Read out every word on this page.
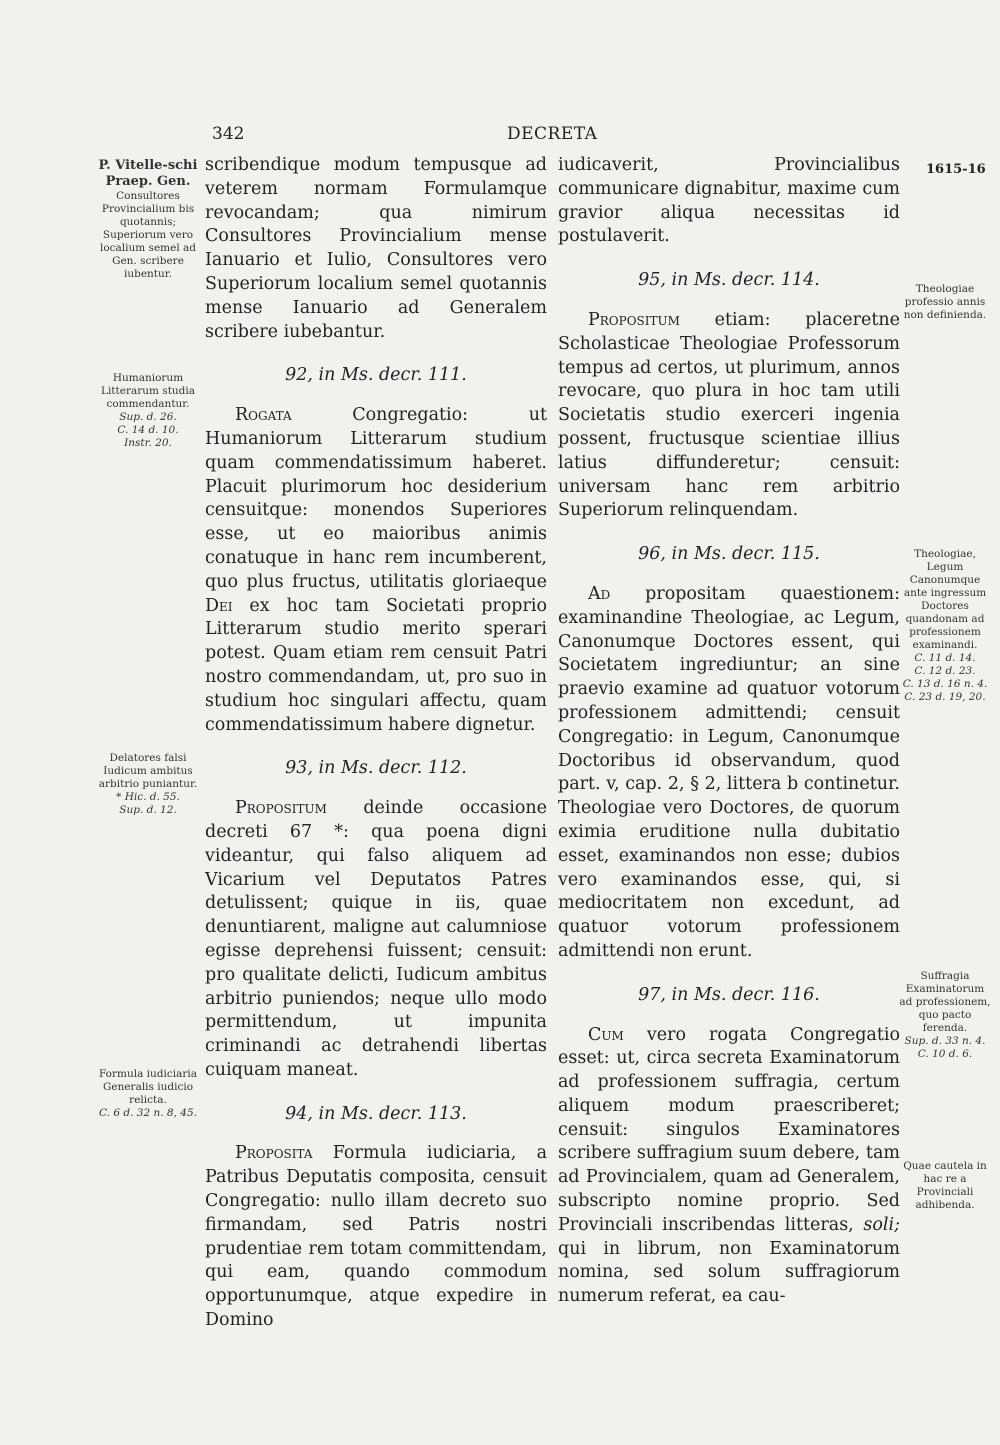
342	DECRETA
1615-16
P. Vitelle-schi Praep. Gen.
Consultores Provincialium bis quotannis; Superiorum vero localium semel ad Gen. scribere iubentur.
Humaniorum Litterarum studia commendantur.
Sup. d. 26.
C. 14 d. 10.
Instr. 20.
Delatores falsi Iudicum ambitus arbitrio puniantur.
* Hic. d. 55.
Sup. d. 12.
Formula iudiciaria Generalis iudicio relicta.
C. 6 d. 32 n. 8, 45.
Theologiae professio annis non definienda.
Theologiae, Legum Canonumque ante ingressum Doctores quandonam ad professionem examinandi.
C. 11 d. 14.
C. 12 d. 23.
C. 13 d. 16 n. 4.
C. 23 d. 19, 20.
Suffragia Examinatorum ad professionem, quo pacto ferenda.
Sup. d. 33 n. 4.
C. 10 d. 6.
Quae cautela in hac re a Provinciali adhibenda.

scribendique modum tempusque ad veterem normam Formulamque revocandam; qua nimirum Consultores Provincialium mense Ianuario et Iulio, Consultores vero Superiorum localium semel quotannis mense Ianuario ad Generalem scribere iubebantur.

92, in Ms. decr. 111.

Rogata Congregatio: ut Humaniorum Litterarum studium quam commendatissimum haberet. Placuit plurimorum hoc desiderium censuitque: monendos Superiores esse, ut eo maioribus animis conatuque in hanc rem incumberent, quo plus fructus, utilitatis gloriaeque Dei ex hoc tam Societati proprio Litterarum studio merito sperari potest. Quam etiam rem censuit Patri nostro commendandam, ut, pro suo in studium hoc singulari affectu, quam commendatissimum habere dignetur.

93, in Ms. decr. 112.

Propositum deinde occasione decreti 67 *: qua poena digni videantur, qui falso aliquem ad Vicarium vel Deputatos Patres detulissent; quique in iis, quae denuntiarent, maligne aut calumniose egisse deprehensi fuissent; censuit: pro qualitate delicti, Iudicum ambitus arbitrio puniendos; neque ullo modo permittendum, ut impunita criminandi ac detrahendi libertas cuiquam maneat.

94, in Ms. decr. 113.

Proposita Formula iudiciaria, a Patribus Deputatis composita, censuit Congregatio: nullo illam decreto suo firmandam, sed Patris nostri prudentiae rem totam committendam, qui eam, quando commodum opportunumque, atque expedire in Domino

iudicaverit, Provincialibus communicare dignabitur, maxime cum gravior aliqua necessitas id postulaverit.

95, in Ms. decr. 114.

Propositum etiam: placeretne Scholasticae Theologiae Professorum tempus ad certos, ut plurimum, annos revocare, quo plura in hoc tam utili Societatis studio exerceri ingenia possent, fructusque scientiae illius latius diffunderetur; censuit: universam hanc rem arbitrio Superiorum relinquendam.

96, in Ms. decr. 115.

Ad propositam quaestionem: examinandine Theologiae, ac Legum, Canonumque Doctores essent, qui Societatem ingrediuntur; an sine praevio examine ad quatuor votorum professionem admittendi; censuit Congregatio: in Legum, Canonumque Doctoribus id observandum, quod part. v, cap. 2, § 2, littera b continetur. Theologiae vero Doctores, de quorum eximia eruditione nulla dubitatio esset, examinandos non esse; dubios vero examinandos esse, qui, si mediocritatem non excedunt, ad quatuor votorum professionem admittendi non erunt.

97, in Ms. decr. 116.

Cum vero rogata Congregatio esset: ut, circa secreta Examinatorum ad professionem suffragia, certum aliquem modum praescriberet; censuit: singulos Examinatores scribere suffragium suum debere, tam ad Provincialem, quam ad Generalem, subscripto nomine proprio. Sed Provinciali inscribendas litteras, soli; qui in librum, non Examinatorum nomina, sed solum suffragiorum numerum referat, ea cau-
